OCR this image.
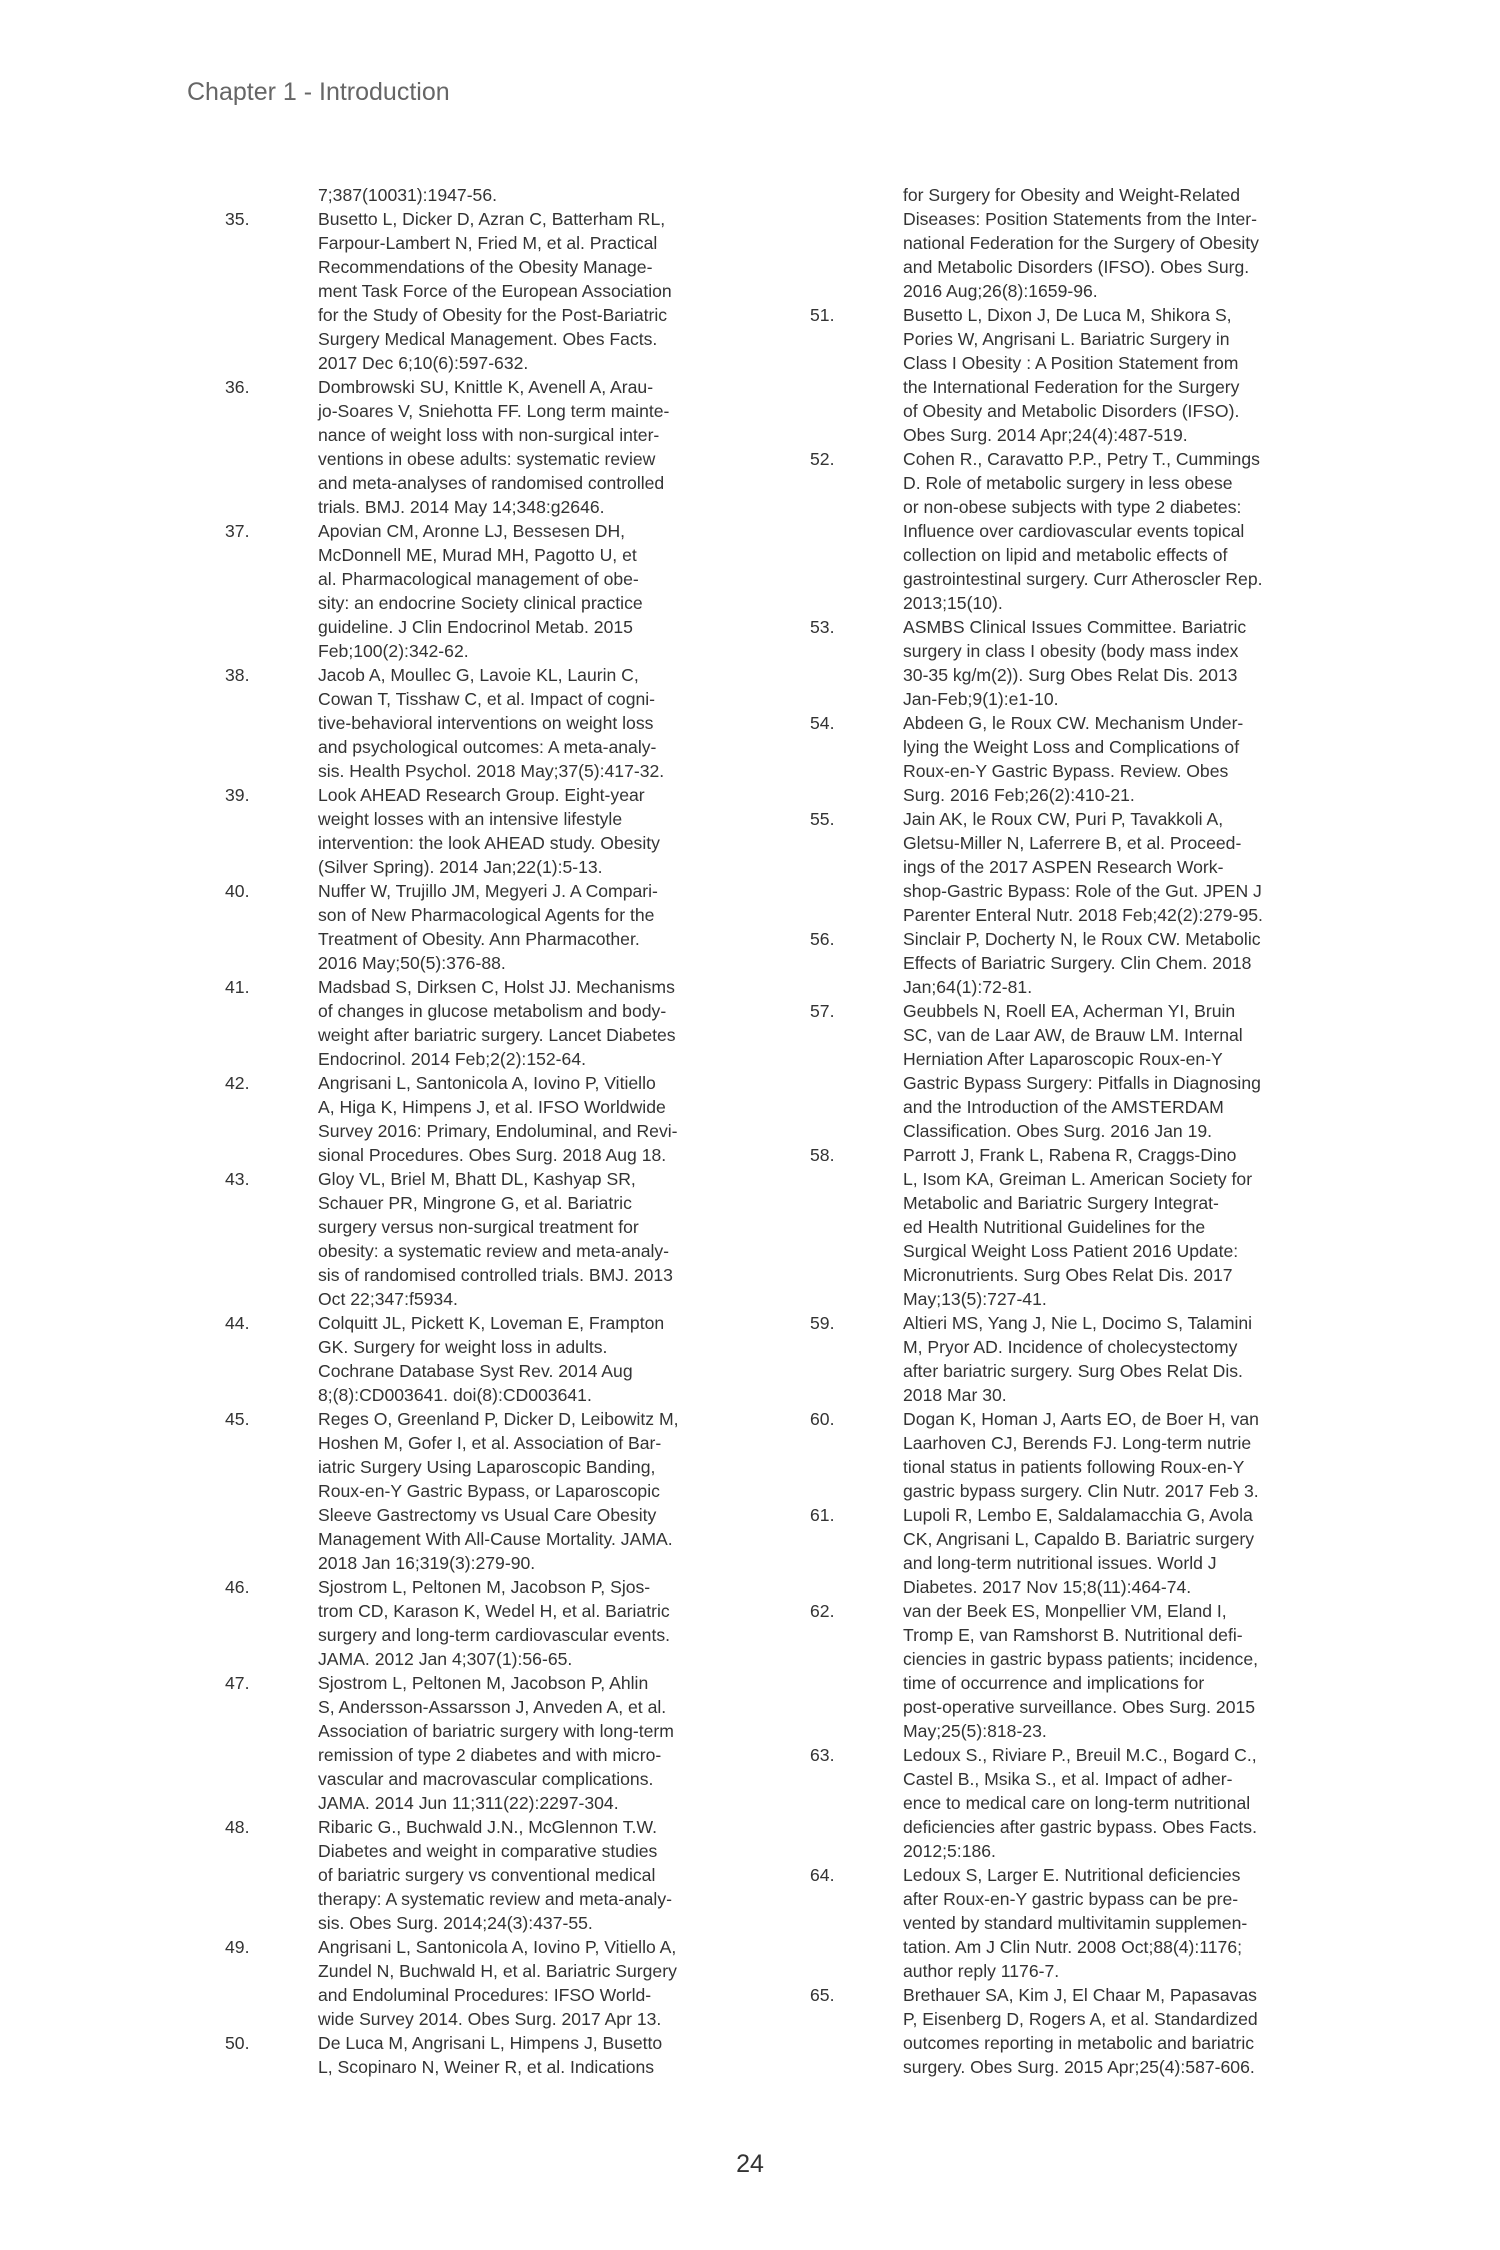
Chapter 1 - Introduction
7;387(10031):1947-56.
35.	Busetto L, Dicker D, Azran C, Batterham RL,
Farpour-Lambert N, Fried M, et al. Practical
Recommendations of the Obesity Manage-
ment Task Force of the European Association
for the Study of Obesity for the Post-Bariatric
Surgery Medical Management. Obes Facts.
2017 Dec 6;10(6):597-632.
36.	Dombrowski SU, Knittle K, Avenell A, Arau-
jo-Soares V, Sniehotta FF. Long term mainte-
nance of weight loss with non-surgical inter-
ventions in obese adults: systematic review
and meta-analyses of randomised controlled
trials. BMJ. 2014 May 14;348:g2646.
37.	Apovian CM, Aronne LJ, Bessesen DH,
McDonnell ME, Murad MH, Pagotto U, et
al. Pharmacological management of obe-
sity: an endocrine Society clinical practice
guideline. J Clin Endocrinol Metab. 2015
Feb;100(2):342-62.
38.	Jacob A, Moullec G, Lavoie KL, Laurin C,
Cowan T, Tisshaw C, et al. Impact of cogni-
tive-behavioral interventions on weight loss
and psychological outcomes: A meta-analy-
sis. Health Psychol. 2018 May;37(5):417-32.
39.	Look AHEAD Research Group. Eight-year
weight losses with an intensive lifestyle
intervention: the look AHEAD study. Obesity
(Silver Spring). 2014 Jan;22(1):5-13.
40.	Nuffer W, Trujillo JM, Megyeri J. A Compari-
son of New Pharmacological Agents for the
Treatment of Obesity. Ann Pharmacother.
2016 May;50(5):376-88.
41.	Madsbad S, Dirksen C, Holst JJ. Mechanisms
of changes in glucose metabolism and body-
weight after bariatric surgery. Lancet Diabetes
Endocrinol. 2014 Feb;2(2):152-64.
42.	Angrisani L, Santonicola A, Iovino P, Vitiello
A, Higa K, Himpens J, et al. IFSO Worldwide
Survey 2016: Primary, Endoluminal, and Revi-
sional Procedures. Obes Surg. 2018 Aug 18.
43.	Gloy VL, Briel M, Bhatt DL, Kashyap SR,
Schauer PR, Mingrone G, et al. Bariatric
surgery versus non-surgical treatment for
obesity: a systematic review and meta-analy-
sis of randomised controlled trials. BMJ. 2013
Oct 22;347:f5934.
44.	Colquitt JL, Pickett K, Loveman E, Frampton
GK. Surgery for weight loss in adults.
Cochrane Database Syst Rev. 2014 Aug
8;(8):CD003641. doi(8):CD003641.
45.	Reges O, Greenland P, Dicker D, Leibowitz M,
Hoshen M, Gofer I, et al. Association of Bar-
iatric Surgery Using Laparoscopic Banding,
Roux-en-Y Gastric Bypass, or Laparoscopic
Sleeve Gastrectomy vs Usual Care Obesity
Management With All-Cause Mortality. JAMA.
2018 Jan 16;319(3):279-90.
46.	Sjostrom L, Peltonen M, Jacobson P, Sjos-
trom CD, Karason K, Wedel H, et al. Bariatric
surgery and long-term cardiovascular events.
JAMA. 2012 Jan 4;307(1):56-65.
47.	Sjostrom L, Peltonen M, Jacobson P, Ahlin
S, Andersson-Assarsson J, Anveden A, et al.
Association of bariatric surgery with long-term
remission of type 2 diabetes and with micro-
vascular and macrovascular complications.
JAMA. 2014 Jun 11;311(22):2297-304.
48.	Ribaric G., Buchwald J.N., McGlennon T.W.
Diabetes and weight in comparative studies
of bariatric surgery vs conventional medical
therapy: A systematic review and meta-analy-
sis. Obes Surg. 2014;24(3):437-55.
49.	Angrisani L, Santonicola A, Iovino P, Vitiello A,
Zundel N, Buchwald H, et al. Bariatric Surgery
and Endoluminal Procedures: IFSO World-
wide Survey 2014. Obes Surg. 2017 Apr 13.
50.	De Luca M, Angrisani L, Himpens J, Busetto
L, Scopinaro N, Weiner R, et al. Indications
for Surgery for Obesity and Weight-Related
Diseases: Position Statements from the Inter-
national Federation for the Surgery of Obesity
and Metabolic Disorders (IFSO). Obes Surg.
2016 Aug;26(8):1659-96.
51.	Busetto L, Dixon J, De Luca M, Shikora S,
Pories W, Angrisani L. Bariatric Surgery in
Class I Obesity : A Position Statement from
the International Federation for the Surgery
of Obesity and Metabolic Disorders (IFSO).
Obes Surg. 2014 Apr;24(4):487-519.
52.	Cohen R., Caravatto P.P., Petry T., Cummings
D. Role of metabolic surgery in less obese
or non-obese subjects with type 2 diabetes:
Influence over cardiovascular events topical
collection on lipid and metabolic effects of
gastrointestinal surgery. Curr Atheroscler Rep.
2013;15(10).
53.	ASMBS Clinical Issues Committee. Bariatric
surgery in class I obesity (body mass index
30-35 kg/m(2)). Surg Obes Relat Dis. 2013
Jan-Feb;9(1):e1-10.
54.	Abdeen G, le Roux CW. Mechanism Under-
lying the Weight Loss and Complications of
Roux-en-Y Gastric Bypass. Review. Obes
Surg. 2016 Feb;26(2):410-21.
55.	Jain AK, le Roux CW, Puri P, Tavakkoli A,
Gletsu-Miller N, Laferrere B, et al. Proceed-
ings of the 2017 ASPEN Research Work-
shop-Gastric Bypass: Role of the Gut. JPEN J
Parenter Enteral Nutr. 2018 Feb;42(2):279-95.
56.	Sinclair P, Docherty N, le Roux CW. Metabolic
Effects of Bariatric Surgery. Clin Chem. 2018
Jan;64(1):72-81.
57.	Geubbels N, Roell EA, Acherman YI, Bruin
SC, van de Laar AW, de Brauw LM. Internal
Herniation After Laparoscopic Roux-en-Y
Gastric Bypass Surgery: Pitfalls in Diagnosing
and the Introduction of the AMSTERDAM
Classification. Obes Surg. 2016 Jan 19.
58.	Parrott J, Frank L, Rabena R, Craggs-Dino
L, Isom KA, Greiman L. American Society for
Metabolic and Bariatric Surgery Integrat-
ed Health Nutritional Guidelines for the
Surgical Weight Loss Patient 2016 Update:
Micronutrients. Surg Obes Relat Dis. 2017
May;13(5):727-41.
59.	Altieri MS, Yang J, Nie L, Docimo S, Talamini
M, Pryor AD. Incidence of cholecystectomy
after bariatric surgery. Surg Obes Relat Dis.
2018 Mar 30.
60.	Dogan K, Homan J, Aarts EO, de Boer H, van
Laarhoven CJ, Berends FJ. Long-term nutrie
tional status in patients following Roux-en-Y
gastric bypass surgery. Clin Nutr. 2017 Feb 3.
61.	Lupoli R, Lembo E, Saldalamacchia G, Avola
CK, Angrisani L, Capaldo B. Bariatric surgery
and long-term nutritional issues. World J
Diabetes. 2017 Nov 15;8(11):464-74.
62.	van der Beek ES, Monpellier VM, Eland I,
Tromp E, van Ramshorst B. Nutritional defi-
ciencies in gastric bypass patients; incidence,
time of occurrence and implications for
post-operative surveillance. Obes Surg. 2015
May;25(5):818-23.
63.	Ledoux S., Riviare P., Breuil M.C., Bogard C.,
Castel B., Msika S., et al. Impact of adher-
ence to medical care on long-term nutritional
deficiencies after gastric bypass. Obes Facts.
2012;5:186.
64.	Ledoux S, Larger E. Nutritional deficiencies
after Roux-en-Y gastric bypass can be pre-
vented by standard multivitamin supplemen-
tation. Am J Clin Nutr. 2008 Oct;88(4):1176;
author reply 1176-7.
65.	Brethauer SA, Kim J, El Chaar M, Papasavas
P, Eisenberg D, Rogers A, et al. Standardized
outcomes reporting in metabolic and bariatric
surgery. Obes Surg. 2015 Apr;25(4):587-606.
24
